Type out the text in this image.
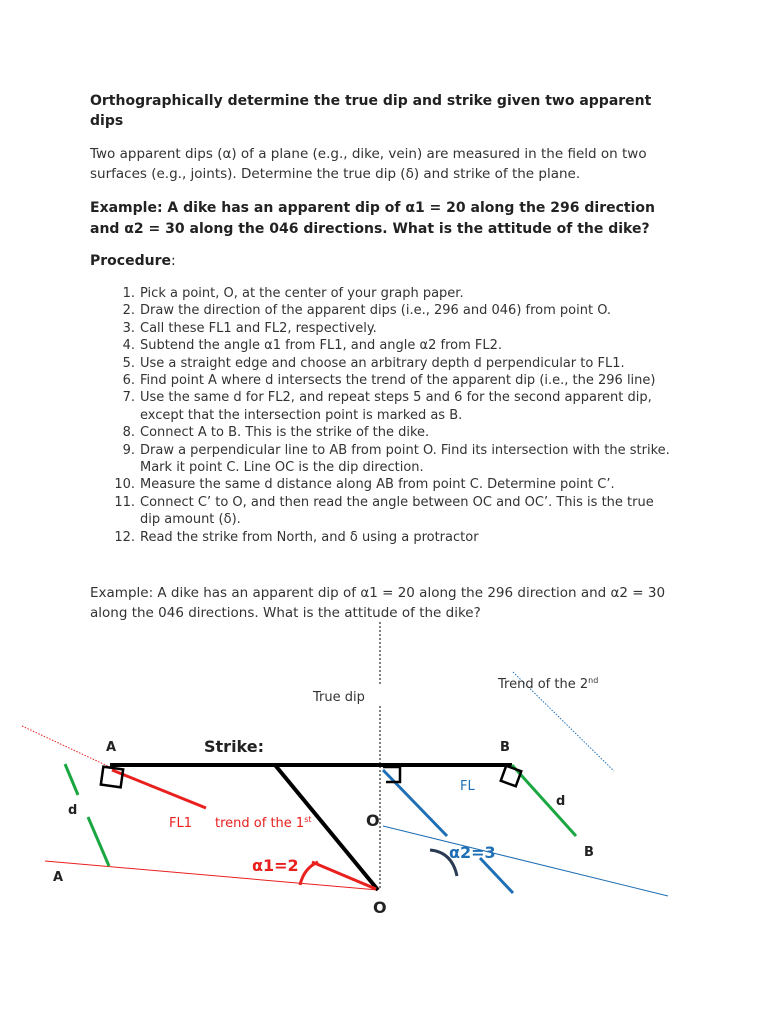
Orthographically determine the true dip and strike given two apparent dips
Two apparent dips (α) of a plane (e.g., dike, vein) are measured in the field on two surfaces (e.g., joints). Determine the true dip (δ) and strike of the plane.
Example: A dike has an apparent dip of α1 = 20 along the 296 direction and α2 = 30 along the 046 directions. What is the attitude of the dike?
Procedure:
1. Pick a point, O, at the center of your graph paper.
2. Draw the direction of the apparent dips (i.e., 296 and 046) from point O.
3. Call these FL1 and FL2, respectively.
4. Subtend the angle α1 from FL1, and angle α2 from FL2.
5. Use a straight edge and choose an arbitrary depth d perpendicular to FL1.
6. Find point A where d intersects the trend of the apparent dip (i.e., the 296 line)
7. Use the same d for FL2, and repeat steps 5 and 6 for the second apparent dip, except that the intersection point is marked as B.
8. Connect A to B. This is the strike of the dike.
9. Draw a perpendicular line to AB from point O. Find its intersection with the strike. Mark it point C. Line OC is the dip direction.
10. Measure the same d distance along AB from point C. Determine point C’.
11. Connect C’ to O, and then read the angle between OC and OC’. This is the true dip amount (δ).
12. Read the strike from North, and δ using a protractor
Example: A dike has an apparent dip of α1 = 20 along the 296 direction and α2 = 30 along the 046 directions. What is the attitude of the dike?
True dip
Trend of the 2nd
Strike:
A	B
d
d
A
B
FL1 trend of the 1st
FL
α1=2
α2=3
O
O
